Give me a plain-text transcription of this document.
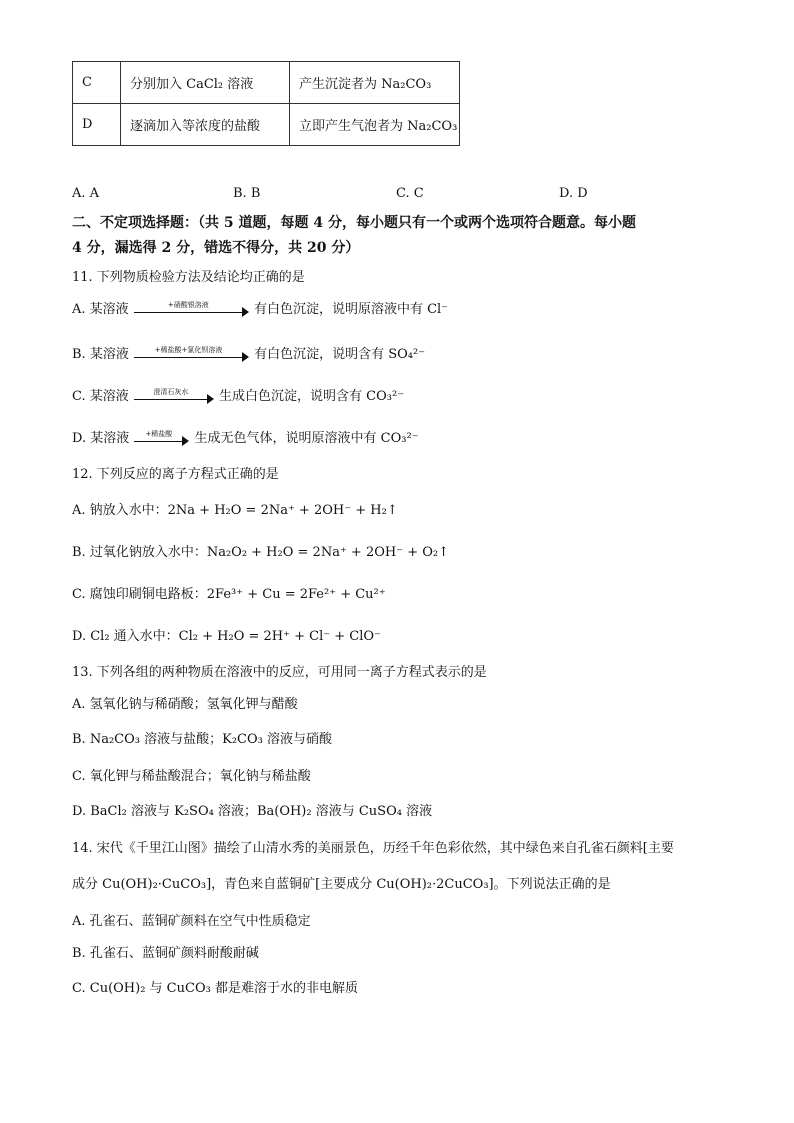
C	分别加入 CaCl₂ 溶液	产生沉淀者为 Na₂CO₃
D	逐滴加入等浓度的盐酸	立即产生气泡者为 Na₂CO₃
A. A	B. B	C. C	D. D
二、不定项选择题：（共 5 道题，每题 4 分，每小题只有一个或两个选项符合题意。每小题
4 分，漏选得 2 分，错选不得分，共 20 分）
11. 下列物质检验方法及结论均正确的是
A. 某溶液	+硝酸银溶液	有白色沉淀，说明原溶液中有 Cl⁻
B. 某溶液	+稀盐酸+氯化钡溶液	有白色沉淀，说明含有 SO₄²⁻
C. 某溶液	澄清石灰水	生成白色沉淀，说明含有 CO₃²⁻
D. 某溶液	+稀盐酸	生成无色气体，说明原溶液中有 CO₃²⁻
12. 下列反应的离子方程式正确的是
A. 钠放入水中：2Na + H₂O = 2Na⁺ + 2OH⁻ + H₂↑
B. 过氧化钠放入水中：Na₂O₂ + H₂O = 2Na⁺ + 2OH⁻ + O₂↑
C. 腐蚀印刷铜电路板：2Fe³⁺ + Cu = 2Fe²⁺ + Cu²⁺
D. Cl₂ 通入水中：Cl₂ + H₂O = 2H⁺ + Cl⁻ + ClO⁻
13. 下列各组的两种物质在溶液中的反应，可用同一离子方程式表示的是
A. 氢氧化钠与稀硝酸；氢氧化钾与醋酸
B. Na₂CO₃ 溶液与盐酸；K₂CO₃ 溶液与硝酸
C. 氧化钾与稀盐酸混合；氧化钠与稀盐酸
D. BaCl₂ 溶液与 K₂SO₄ 溶液；Ba(OH)₂ 溶液与 CuSO₄ 溶液
14. 宋代《千里江山图》描绘了山清水秀的美丽景色，历经千年色彩依然，其中绿色来自孔雀石颜料[主要
成分 Cu(OH)₂·CuCO₃]，青色来自蓝铜矿[主要成分 Cu(OH)₂·2CuCO₃]。下列说法正确的是
A. 孔雀石、蓝铜矿颜料在空气中性质稳定
B. 孔雀石、蓝铜矿颜料耐酸耐碱
C. Cu(OH)₂ 与 CuCO₃ 都是难溶于水的非电解质
